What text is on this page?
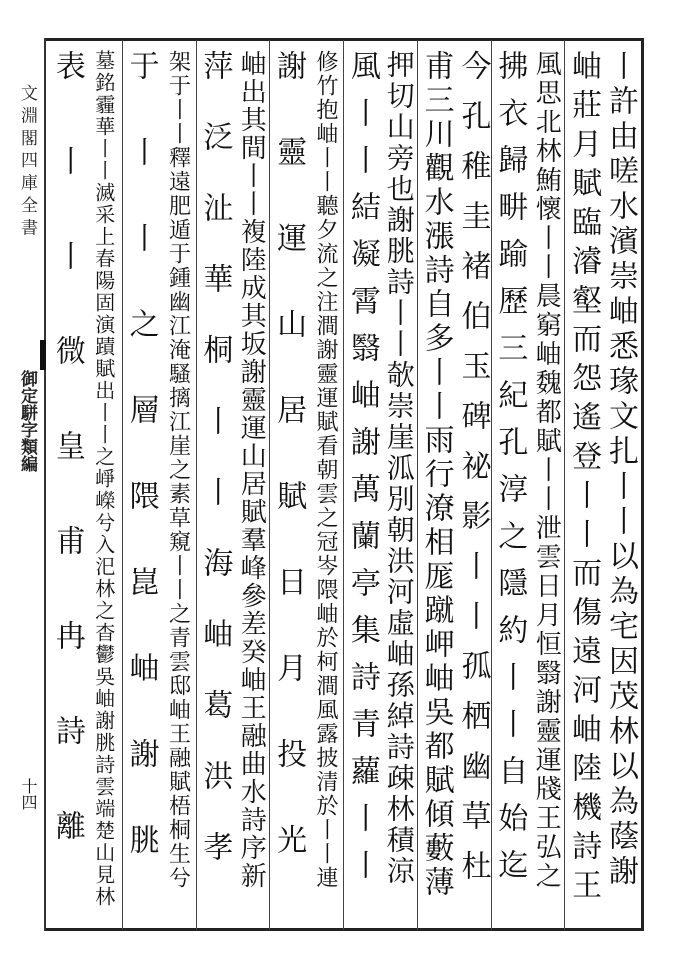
文 淵 閣 四 庫 全 書
御定駢字類編
十四	丨許由嗟水濱崇岫悉瑑文扎丨丨以為宅因茂林以為蔭謝
岫莊月賦臨濬壑而怨遙登丨丨而傷遠河岫陸機詩王
風思北林鮪懷丨丨晨窮岫魏都賦丨丨泄雲日月恒翳謝靈運牋王弘之
拂衣歸畊踰歷三紀孔淳之隱約丨丨自始迄
今孔稚圭褚伯玉碑祕影丨丨孤栖幽草杜
甫三川觀水漲詩自多丨丨雨行潦相厖蹴岬岫吳都賦傾藪薄
押切山旁也謝朓詩丨丨欹崇崖泒別朝洪河虛岫孫綽詩疎林積涼
風丨丨結凝霄翳岫謝萬蘭亭集詩青蘿丨丨
修竹抱岫丨丨聽夕流之注澗謝靈運賦看朝雲之冠岑隈岫於柯澗風露披清於丨丨連
謝靈運山居賦日月投光
岫出其間丨丨複陸成其坂謝靈運山居賦羣峰參差癸岫王融曲水詩序新
萍泛沚華桐丨丨海岫葛洪孝
架于丨丨釋遠肥遁于鍾幽江淹騷摛江崖之素草窺丨丨之青雲邸岫王融賦梧桐生兮
于丨丨之層隈崑岫謝朓
墓銘霾華丨丨滅采上春陽固演蹟賦出丨丨之崢嶸兮入汜林之杳鬱吳岫謝朓詩雲端楚山見林
表丨丨微皇甫冉詩離
